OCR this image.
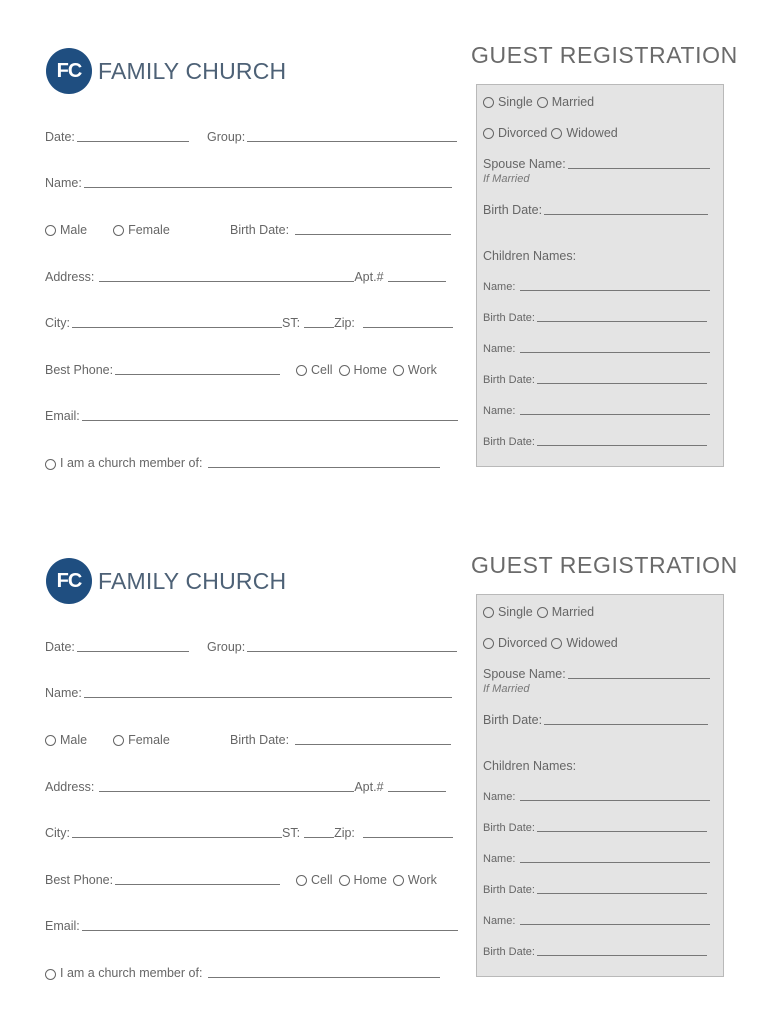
FC FAMILY CHURCH
GUEST REGISTRATION
Date:	Group:
Name:
Male	Female	Birth Date:
Address:	Apt.#
City:	ST:	Zip:
Best Phone:	Cell Home Work
Email:
I am a church member of:
Single Married
Divorced Widowed
Spouse Name:
If Married
Birth Date:
Children Names:
Name:
Birth Date:
Name:
Birth Date:
Name:
Birth Date:
FC FAMILY CHURCH
GUEST REGISTRATION
Date:	Group:
Name:
Male	Female	Birth Date:
Address:	Apt.#
City:	ST:	Zip:
Best Phone:	Cell Home Work
Email:
I am a church member of:
Single Married
Divorced Widowed
Spouse Name:
If Married
Birth Date:
Children Names:
Name:
Birth Date:
Name:
Birth Date:
Name:
Birth Date:
